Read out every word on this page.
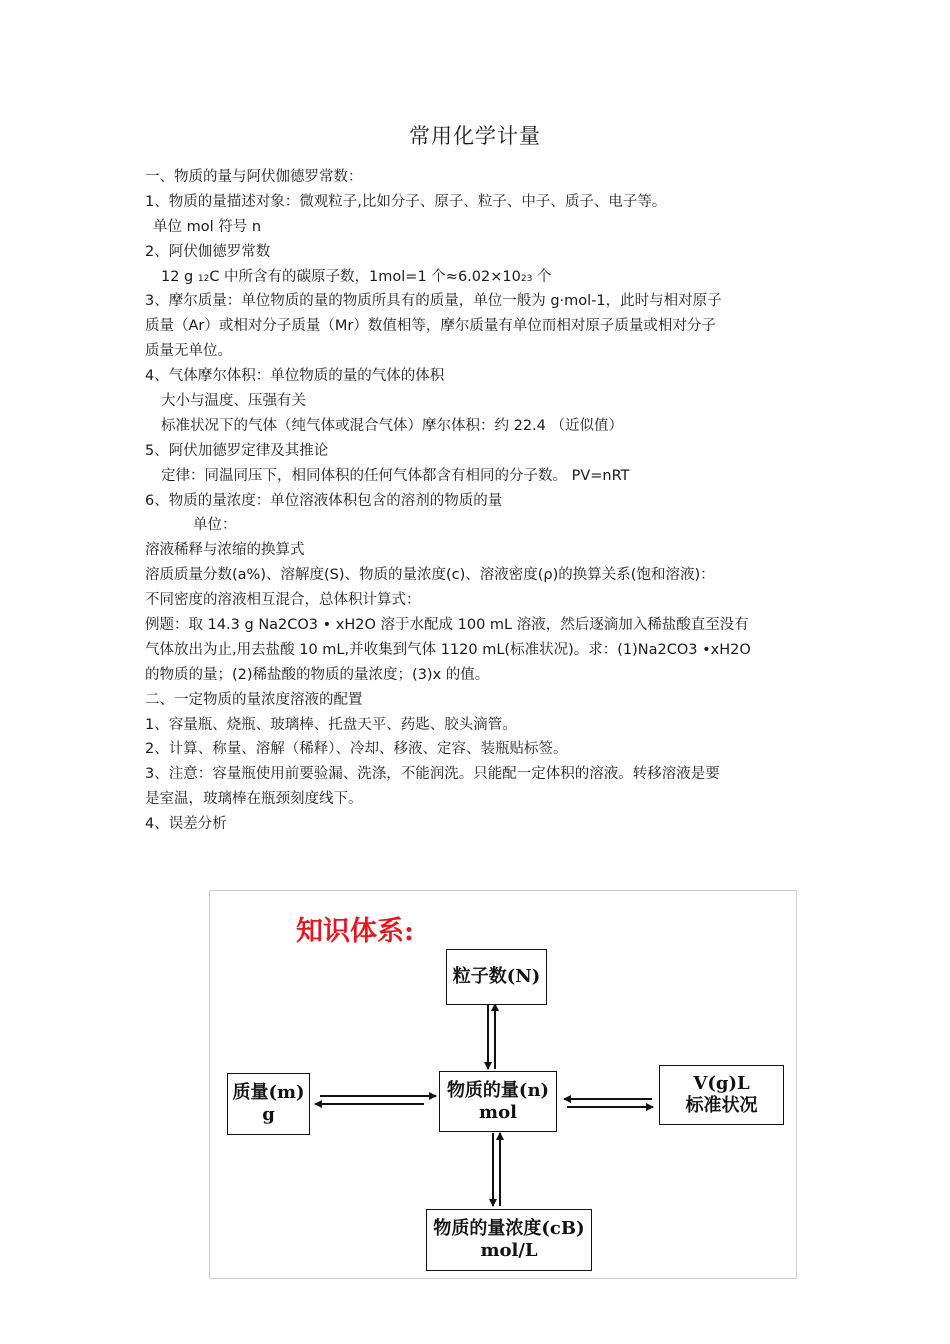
常用化学计量
一、物质的量与阿伏伽德罗常数：
1、物质的量描述对象：微观粒子,比如分子、原子、粒子、中子、质子、电子等。
单位 mol 符号 n
2、阿伏伽德罗常数
12 g 12C 中所含有的碳原子数，1mol=1 个≈6.02×1023 个
3、摩尔质量：单位物质的量的物质所具有的质量，单位一般为 g·mol-1，此时与相对原子
质量（Ar）或相对分子质量（Mr）数值相等，摩尔质量有单位而相对原子质量或相对分子
质量无单位。
4、气体摩尔体积：单位物质的量的气体的体积
大小与温度、压强有关
标准状况下的气体（纯气体或混合气体）摩尔体积：约 22.4 （近似值）
5、阿伏加德罗定律及其推论
定律：同温同压下，相同体积的任何气体都含有相同的分子数。 PV=nRT
6、物质的量浓度：单位溶液体积包含的溶剂的物质的量
单位：
溶液稀释与浓缩的换算式
溶质质量分数(a%)、溶解度(S)、物质的量浓度(c)、溶液密度(ρ)的换算关系(饱和溶液)：
不同密度的溶液相互混合，总体积计算式：
例题：取 14.3 g Na2CO3 • xH2O 溶于水配成 100 mL 溶液，然后逐滴加入稀盐酸直至没有
气体放出为止,用去盐酸 10 mL,并收集到气体 1120 mL(标准状况)。求：(1)Na2CO3 •xH2O
的物质的量；(2)稀盐酸的物质的量浓度；(3)x 的值。
二、一定物质的量浓度溶液的配置
1、容量瓶、烧瓶、玻璃棒、托盘天平、药匙、胶头滴管。
2、计算、称量、溶解（稀释）、冷却、移液、定容、装瓶贴标签。
3、注意：容量瓶使用前要验漏、洗涤，不能润洗。只能配一定体积的溶液。转移溶液是要
是室温，玻璃棒在瓶颈刻度线下。
4、误差分析
知识体系:
粒子数(N)
质量(m)
g
物质的量(n)
mol
V(g)L
标准状况
物质的量浓度(cB)
mol/L
